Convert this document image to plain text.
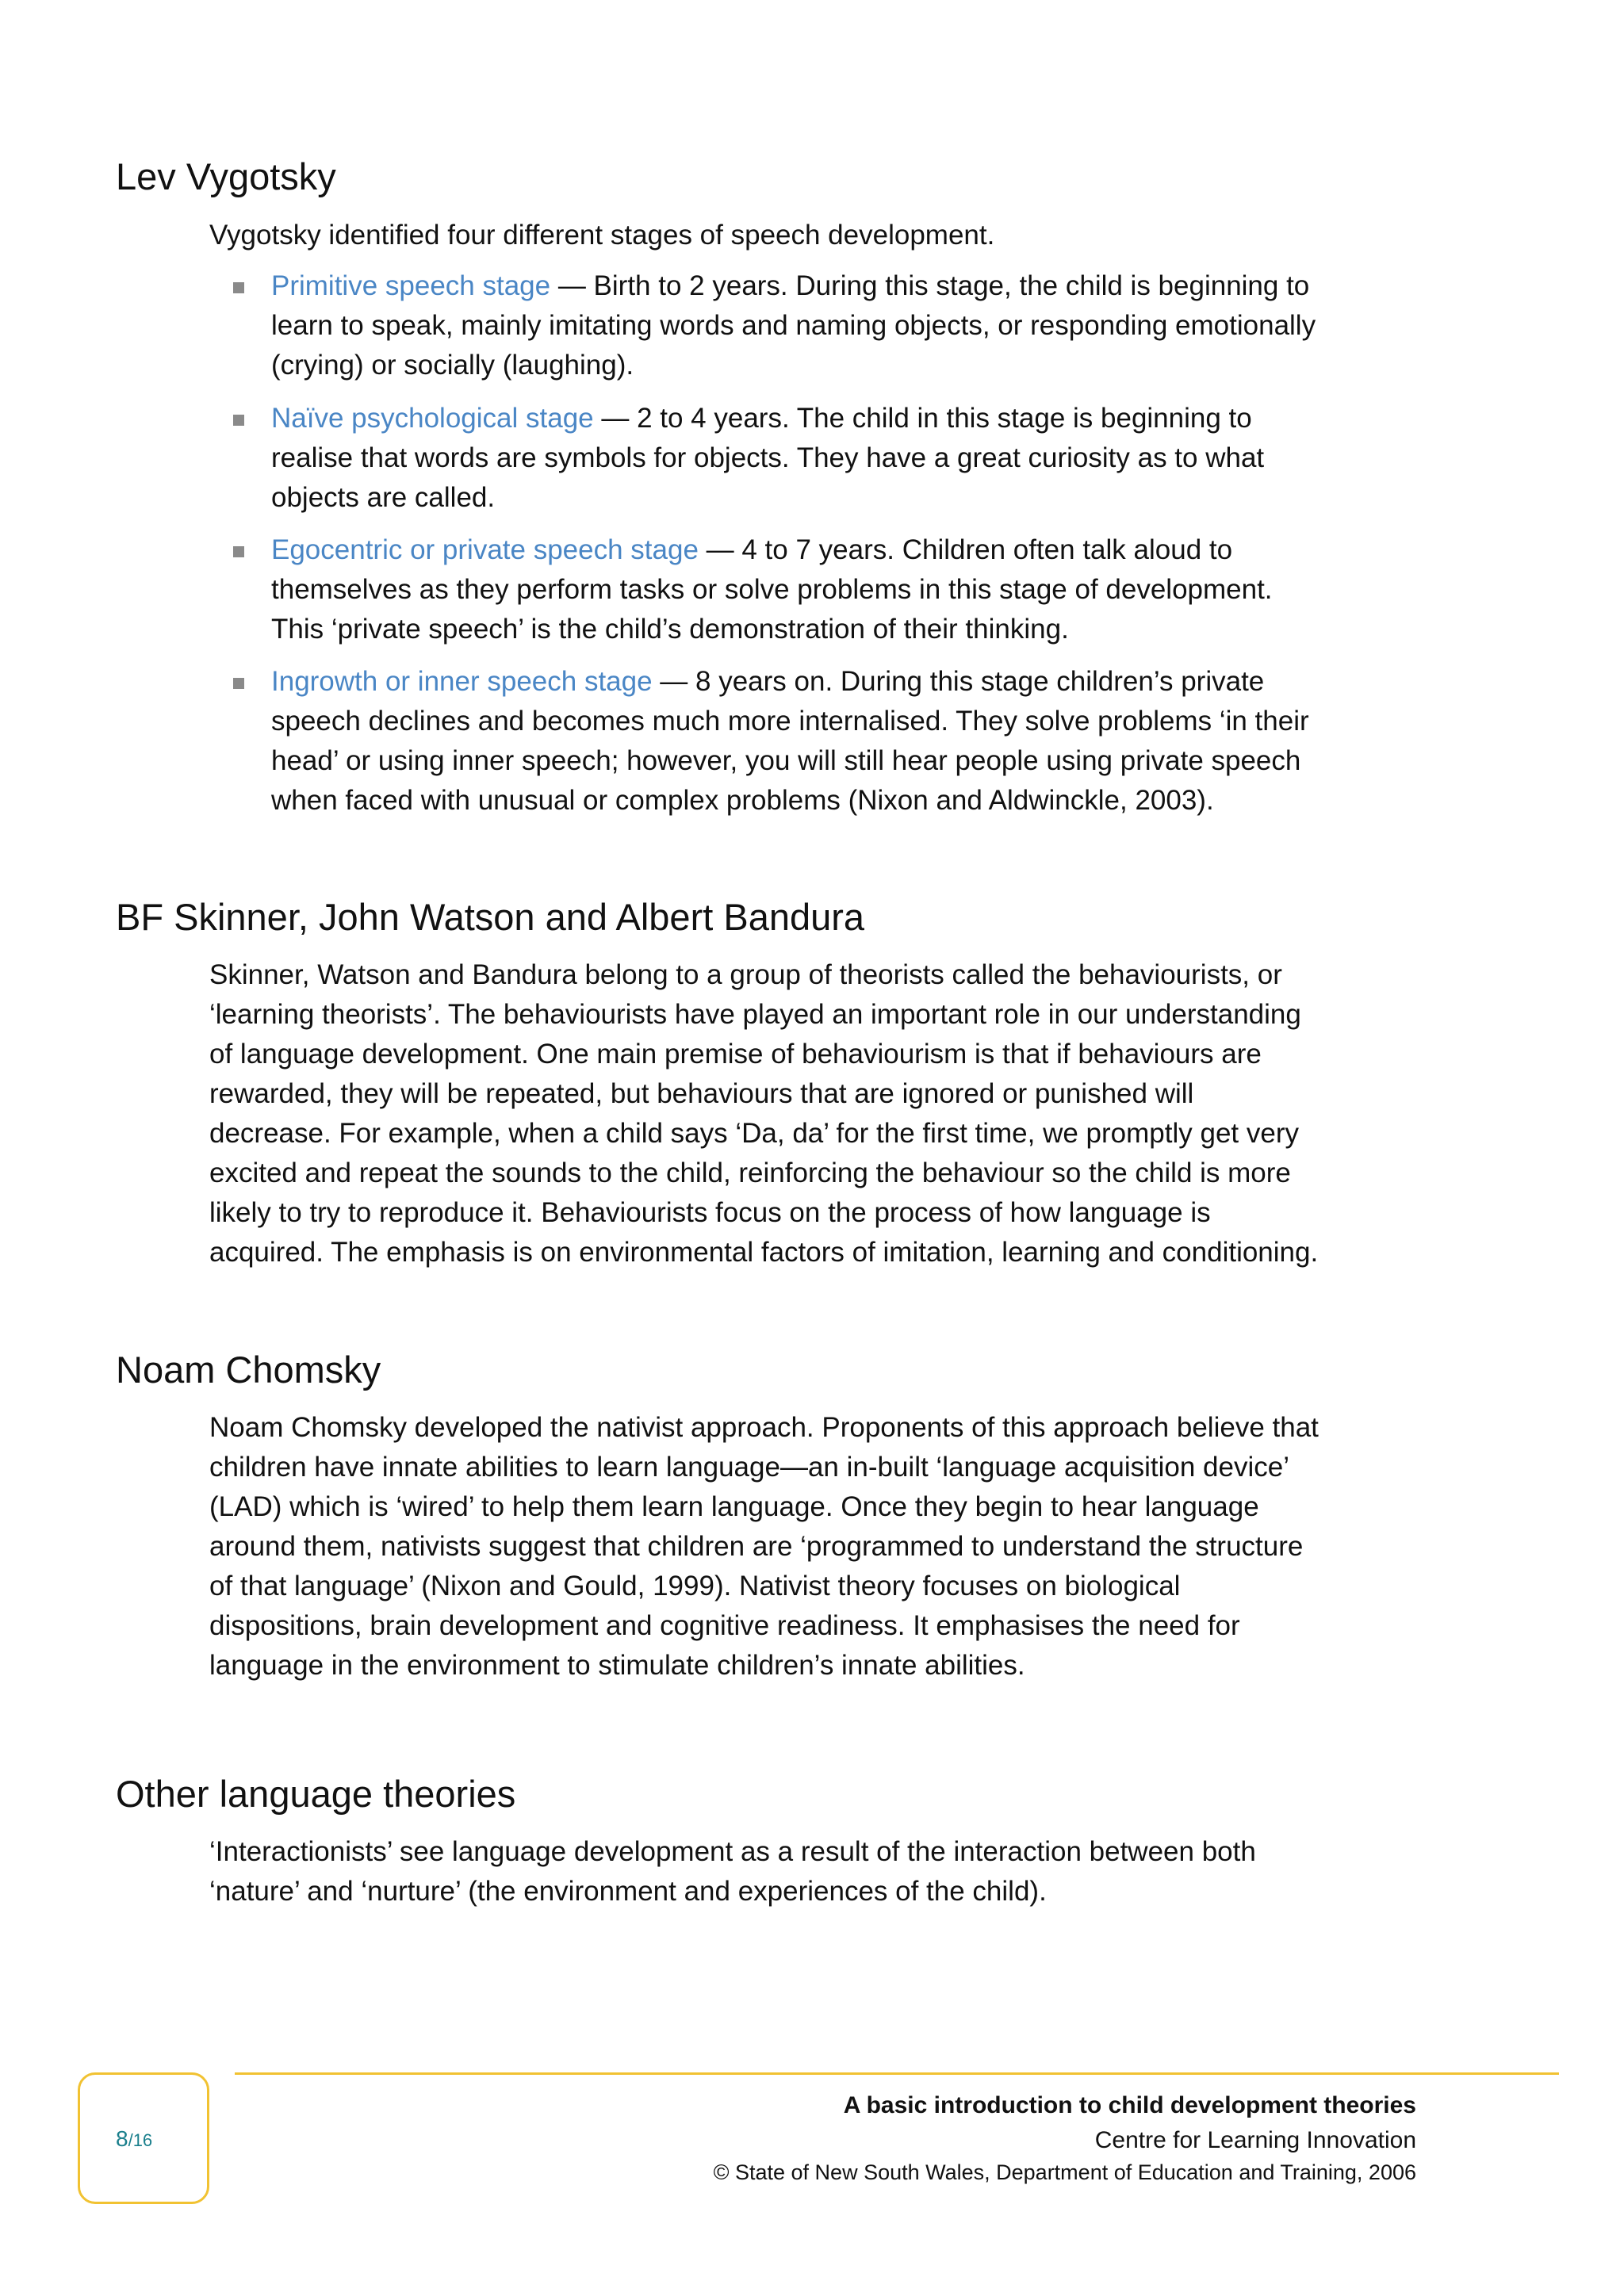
Lev Vygotsky

Vygotsky identified four different stages of speech development.

Primitive speech stage — Birth to 2 years. During this stage, the child is beginning to learn to speak, mainly imitating words and naming objects, or responding emotionally (crying) or socially (laughing).
Naïve psychological stage — 2 to 4 years. The child in this stage is beginning to realise that words are symbols for objects. They have a great curiosity as to what objects are called.
Egocentric or private speech stage — 4 to 7 years. Children often talk aloud to themselves as they perform tasks or solve problems in this stage of development. This ‘private speech’ is the child’s demonstration of their thinking.
Ingrowth or inner speech stage — 8 years on. During this stage children’s private speech declines and becomes much more internalised. They solve problems ‘in their head’ or using inner speech; however, you will still hear people using private speech when faced with unusual or complex problems (Nixon and Aldwinckle, 2003).
BF Skinner, John Watson and Albert Bandura

Skinner, Watson and Bandura belong to a group of theorists called the behaviourists, or ‘learning theorists’. The behaviourists have played an important role in our understanding of language development. One main premise of behaviourism is that if behaviours are rewarded, they will be repeated, but behaviours that are ignored or punished will decrease. For example, when a child says ‘Da, da’ for the first time, we promptly get very excited and repeat the sounds to the child, reinforcing the behaviour so the child is more likely to try to reproduce it. Behaviourists focus on the process of how language is acquired. The emphasis is on environmental factors of imitation, learning and conditioning.

Noam Chomsky

Noam Chomsky developed the nativist approach. Proponents of this approach believe that children have innate abilities to learn language—an in-built ‘language acquisition device’ (LAD) which is ‘wired’ to help them learn language. Once they begin to hear language around them, nativists suggest that children are ‘programmed to understand the structure of that language’ (Nixon and Gould, 1999). Nativist theory focuses on biological dispositions, brain development and cognitive readiness. It emphasises the need for language in the environment to stimulate children’s innate abilities.

Other language theories

‘Interactionists’ see language development as a result of the interaction between both ‘nature’ and ‘nurture’ (the environment and experiences of the child).

8/16
A basic introduction to child development theories
Centre for Learning Innovation
© State of New South Wales, Department of Education and Training, 2006
